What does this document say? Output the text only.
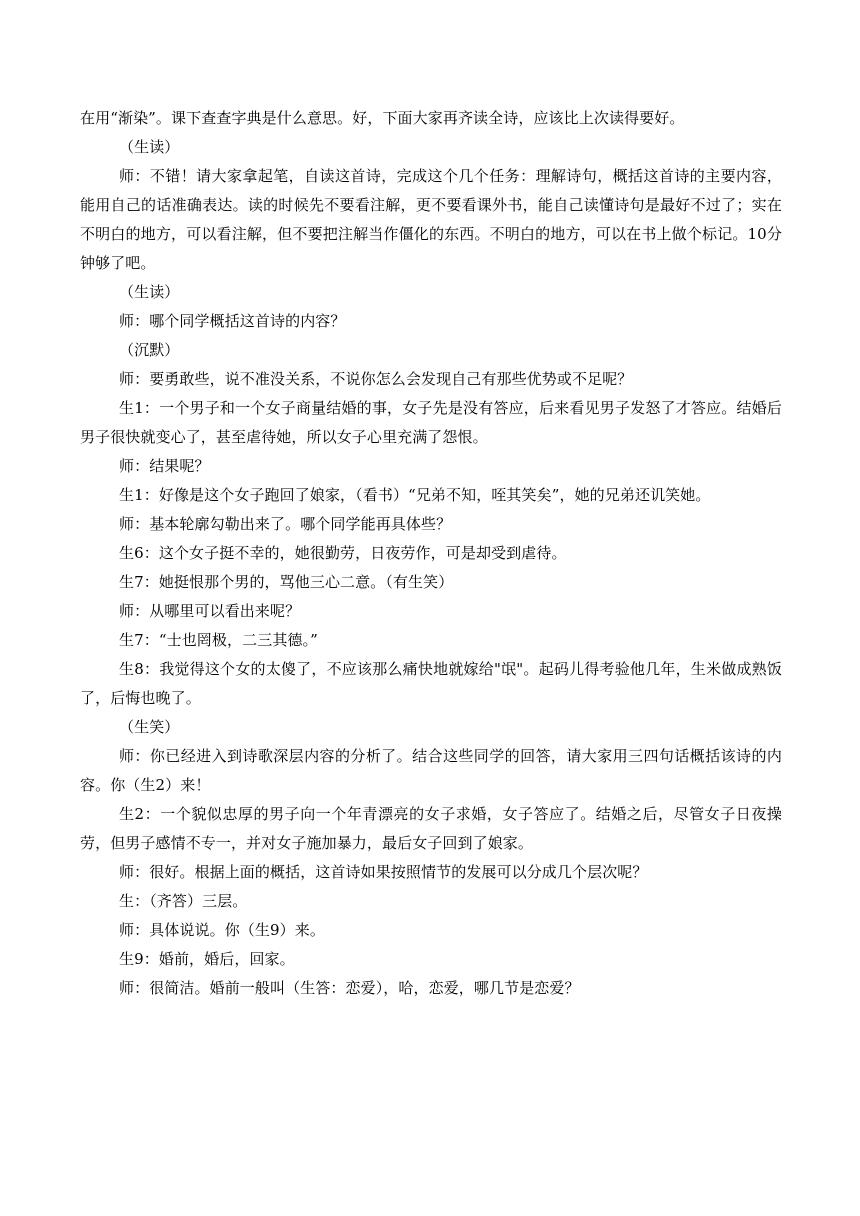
在用“渐染”。课下查查字典是什么意思。好，下面大家再齐读全诗，应该比上次读得要好。

（生读）

师：不错！请大家拿起笔，自读这首诗，完成这个几个任务：理解诗句，概括这首诗的主要内容，能用自己的话准确表达。读的时候先不要看注解，更不要看课外书，能自己读懂诗句是最好不过了；实在不明白的地方，可以看注解，但不要把注解当作僵化的东西。不明白的地方，可以在书上做个标记。10分钟够了吧。

（生读）

师：哪个同学概括这首诗的内容？

（沉默）

师：要勇敢些，说不准没关系，不说你怎么会发现自己有那些优势或不足呢？

生1：一个男子和一个女子商量结婚的事，女子先是没有答应，后来看见男子发怒了才答应。结婚后男子很快就变心了，甚至虐待她，所以女子心里充满了怨恨。

师：结果呢？

生1：好像是这个女子跑回了娘家，（看书）“兄弟不知，咥其笑矣”，她的兄弟还讥笑她。

师：基本轮廓勾勒出来了。哪个同学能再具体些？

生6：这个女子挺不幸的，她很勤劳，日夜劳作，可是却受到虐待。

生7：她挺恨那个男的，骂他三心二意。（有生笑）

师：从哪里可以看出来呢？

生7：“士也罔极，二三其德。”

生8：我觉得这个女的太傻了，不应该那么痛快地就嫁给"氓"。起码儿得考验他几年，生米做成熟饭了，后悔也晚了。

（生笑）

师：你已经进入到诗歌深层内容的分析了。结合这些同学的回答，请大家用三四句话概括该诗的内容。你（生2）来！

生2：一个貌似忠厚的男子向一个年青漂亮的女子求婚，女子答应了。结婚之后，尽管女子日夜操劳，但男子感情不专一，并对女子施加暴力，最后女子回到了娘家。

师：很好。根据上面的概括，这首诗如果按照情节的发展可以分成几个层次呢？

生：（齐答）三层。

师：具体说说。你（生9）来。

生9：婚前，婚后，回家。

师：很简洁。婚前一般叫（生答：恋爱），哈，恋爱，哪几节是恋爱？
